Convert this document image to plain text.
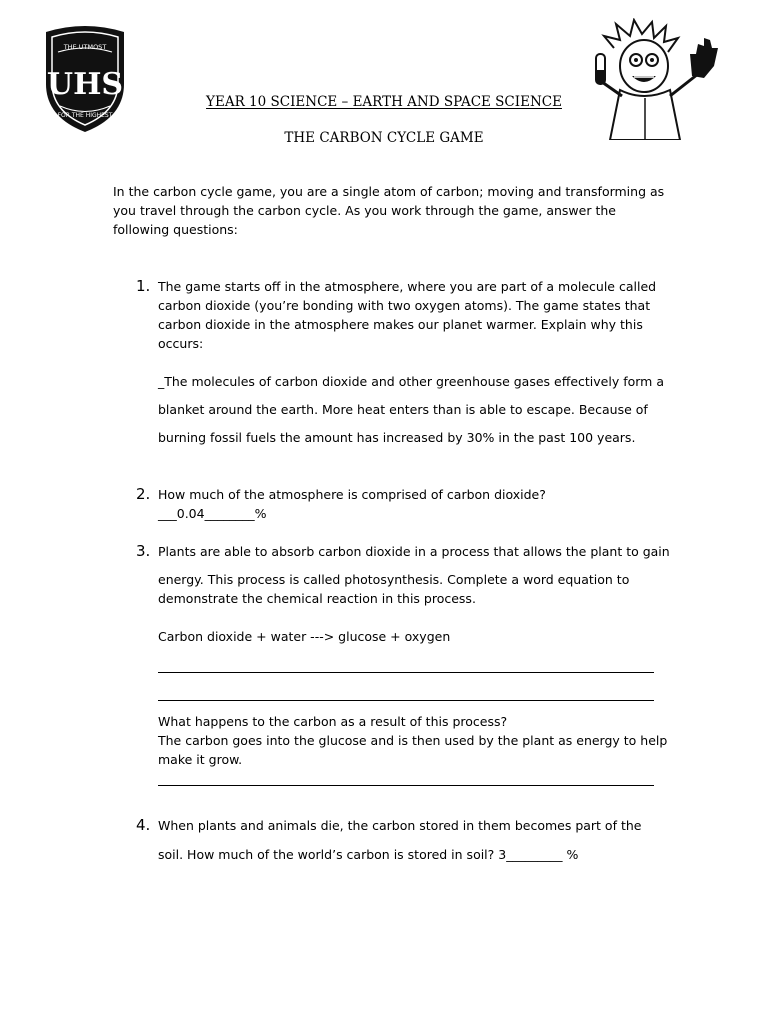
THE UTMOST
FOR THE HIGHEST
UHS	YEAR 10 SCIENCE – EARTH AND SPACE SCIENCE
THE CARBON CYCLE GAME
In the carbon cycle game, you are a single atom of carbon; moving and transforming as
you travel through the carbon cycle. As you work through the game, answer the
following questions:
1. The game starts off in the atmosphere, where you are part of a molecule called
carbon dioxide (you’re bonding with two oxygen atoms). The game states that
carbon dioxide in the atmosphere makes our planet warmer. Explain why this
occurs:
_The molecules of carbon dioxide and other greenhouse gases effectively form a
blanket around the earth. More heat enters than is able to escape. Because of
burning fossil fuels the amount has increased by 30% in the past 100 years.
2. How much of the atmosphere is comprised of carbon dioxide?
___0.04________%
3. Plants are able to absorb carbon dioxide in a process that allows the plant to gain
energy. This process is called photosynthesis. Complete a word equation to
demonstrate the chemical reaction in this process.
Carbon dioxide + water ---> glucose + oxygen
What happens to the carbon as a result of this process?
The carbon goes into the glucose and is then used by the plant as energy to help
make it grow.
4. When plants and animals die, the carbon stored in them becomes part of the
soil. How much of the world’s carbon is stored in soil? 3_________ %
